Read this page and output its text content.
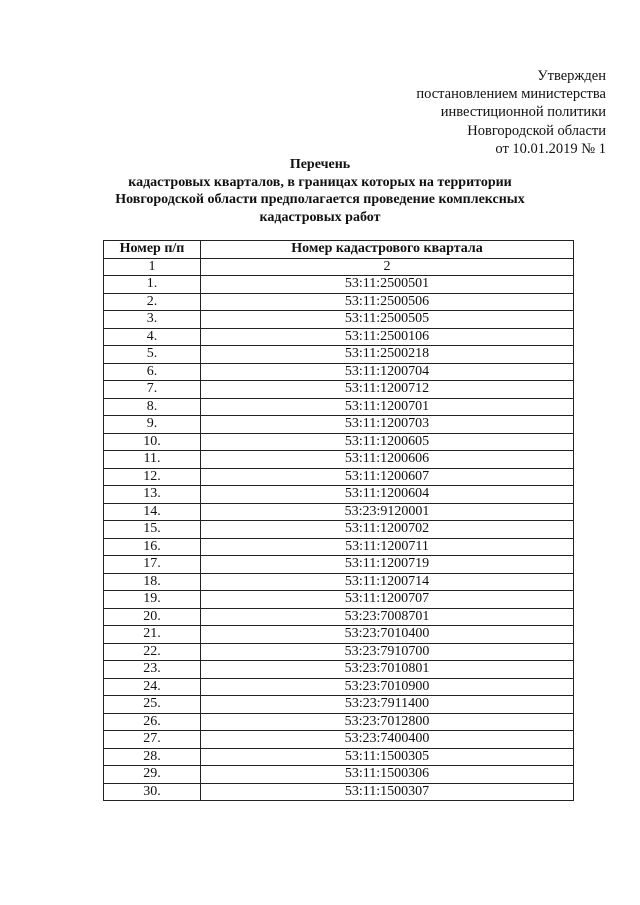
Утвержден
постановлением министерства
инвестиционной политики
Новгородской области
от 10.01.2019 № 1
Перечень
кадастровых кварталов, в границах которых на территории
Новгородской области предполагается проведение комплексных
кадастровых работ
Номер п/п	Номер кадастрового квартала
1	2
1.	53:11:2500501
2.	53:11:2500506
3.	53:11:2500505
4.	53:11:2500106
5.	53:11:2500218
6.	53:11:1200704
7.	53:11:1200712
8.	53:11:1200701
9.	53:11:1200703
10.	53:11:1200605
11.	53:11:1200606
12.	53:11:1200607
13.	53:11:1200604
14.	53:23:9120001
15.	53:11:1200702
16.	53:11:1200711
17.	53:11:1200719
18.	53:11:1200714
19.	53:11:1200707
20.	53:23:7008701
21.	53:23:7010400
22.	53:23:7910700
23.	53:23:7010801
24.	53:23:7010900
25.	53:23:7911400
26.	53:23:7012800
27.	53:23:7400400
28.	53:11:1500305
29.	53:11:1500306
30.	53:11:1500307
